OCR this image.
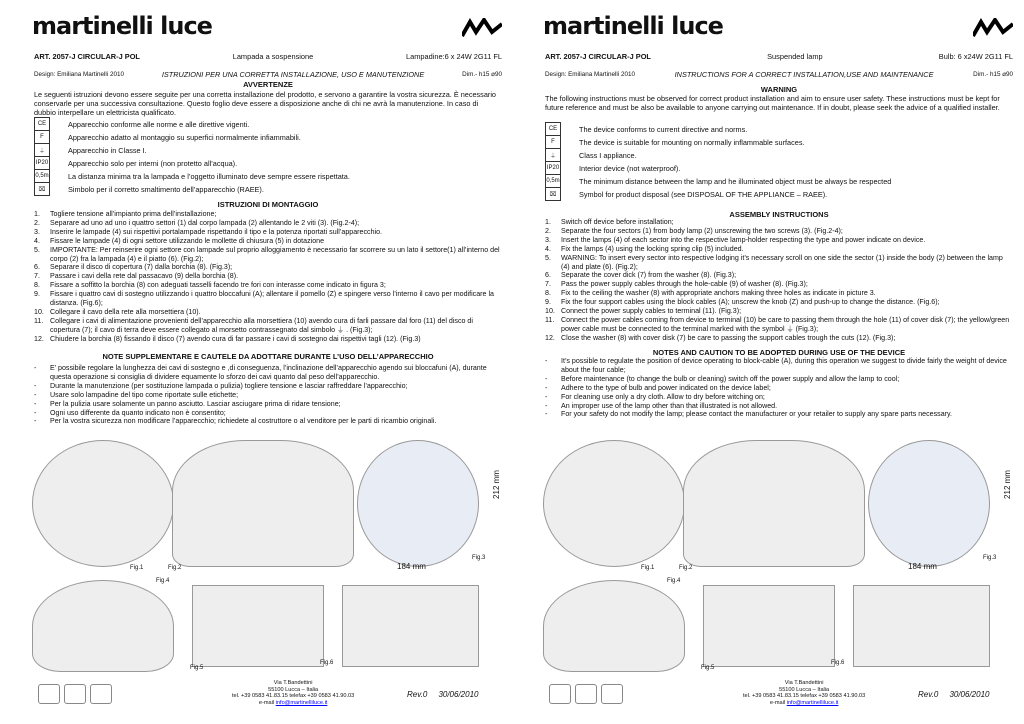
martinelli luce
ART. 2057-J CIRCULAR-J POL	Lampada a sospensione	Lampadine:6 x 24W 2G11 FL
Design: Emiliana Martinelli 2010	ISTRUZIONI PER UNA CORRETTA INSTALLAZIONE, USO E MANUTENZIONE	Dim.- h15 ⌀90
AVVERTENZE
Le seguenti istruzioni devono essere seguite per una corretta installazione del prodotto, e servono a garantire la vostra sicurezza. È necessario conservarle per una successiva consultazione. Questo foglio deve essere a disposizione anche di chi ne avrà la manutenzione. In caso di dubbio interpellare un elettricista qualificato.
CE	Apparecchio conforme alle norme e alle direttive vigenti.
F	Apparecchio adatto al montaggio su superfici normalmente infiammabili.
⏚	Apparecchio in Classe I.
IP20	Apparecchio solo per interni (non protetto all’acqua).
0,5m	La distanza minima tra la lampada e l’oggetto illuminato deve sempre essere rispettata.
⌧	Simbolo per il corretto smaltimento dell’apparecchio (RAEE).
ISTRUZIONI DI MONTAGGIO
1.	Togliere tensione all’impianto prima dell’installazione;
2.	Separare ad uno ad uno i quattro settori (1) dal corpo lampada (2) allentando le 2 viti (3). (Fig.2-4);
3.	Inserire le lampade (4) sui rispettivi portalampade rispettando il tipo e la potenza riportati sull’apparecchio.
4.	Fissare le lampade (4) di ogni settore utilizzando le mollette di chiusura (5) in dotazione
5.	IMPORTANTE: Per reinserire ogni settore con lampade sul proprio alloggiamento è necessario far scorrere su un lato il settore(1) all’interno del corpo (2) fra la lampada (4) e il piatto (6). (Fig.2);
6.	Separare il disco di copertura (7) dalla borchia (8). (Fig.3);
7.	Passare i cavi della rete dal passacavo (9) della borchia (8).
8.	Fissare a soffitto la borchia (8) con adeguati tasselli facendo tre fori con interasse come indicato in figura 3;
9.	Fissare i quattro cavi di sostegno utilizzando i quattro bloccafuni (A); allentare il pomello (Z) e spingere verso l’interno il cavo per modificare la distanza. (Fig.6);
10. Collegare il cavo della rete alla morsettiera (10).
11. Collegare i cavi di alimentazione provenienti dell’apparecchio alla morsettiera (10) avendo cura di farli passare dal foro (11) del disco di copertura (7); il cavo di terra deve essere collegato al morsetto contrassegnato dal simbolo ⏚ . (Fig.3);
12. Chiudere la borchia (8) fissando il disco (7) avendo cura di far passare i cavi di sostegno dai rispettivi tagli (12). (Fig.3)
NOTE SUPPLEMENTARE E CAUTELE DA ADOTTARE DURANTE L’USO DELL’APPARECCHIO
-	E’ possibile regolare la lunghezza dei cavi di sostegno e ,di conseguenza, l’inclinazione dell’apparecchio agendo sui bloccafuni (A), durante questa operazione si consiglia di dividere equamente lo sforzo dei cavi quanto dal peso dell’apparecchio.
-	Durante la manutenzione (per sostituzione lampada o pulizia) togliere tensione e lasciar raffreddare l’apparecchio;
-	Usare solo lampadine del tipo come riportate sulle etichette;
-	Per la pulizia usare solamente un panno asciutto. Lasciar asciugare prima di ridare tensione;
-	Ogni uso differente da quanto indicato non è consentito;
-	Per la vostra sicurezza non modificare l’apparecchio; richiedete al costruttore o al venditore per le parti di ricambio originali.
Fig.1	Fig.2
Fig.3
184 mm
212 mm
Fig.4
Fig.5
Fig.6
Via T.Bandettini
55100 Lucca – Italia
tel. +39 0583 41.83.15 telefax +39 0583 41.90.03
e-mail info@martinelliluce.it
Rev.0 30/06/2010
martinelli luce
ART. 2057-J CIRCULAR-J POL	Suspended lamp	Bulb: 6 x24W 2G11 FL
Design: Emiliana Martinelli 2010	INSTRUCTIONS FOR A CORRECT INSTALLATION,USE AND MAINTENANCE	Dim.- h15 ⌀90
WARNING
The following instructions must be observed for correct product installation and aim to ensure user safety. These instructions must be kept for future reference and must be also be available to anyone carrying out maintenance. If in doubt, please seek the advice of a qualified installer.
CE	The device conforms to current directive and norms.
F	The device is suitable for mounting on normally inflammable surfaces.
⏚	Class I appliance.
IP20	Interior device (not waterproof).
0,5m	The minimum distance between the lamp and he illuminated object must be always be respected
⌧	Symbol for product disposal (see DISPOSAL OF THE APPLIANCE – RAEE).
ASSEMBLY INSTRUCTIONS
1.	Switch off device before installation;
2.	Separate the four sectors (1) from body lamp (2) unscrewing the two screws (3). (Fig.2-4);
3.	Insert the lamps (4) of each sector into the respective lamp-holder respecting the type and power indicate on device.
4.	Fix the lamps (4) using the locking spring clip (5) included.
5.	WARNING: To insert every sector into respective lodging it’s necessary scroll on one side the sector (1) inside the body (2) between the lamp (4) and plate (6). (Fig.2);
6.	Separate the cover dick (7) from the washer (8). (Fig.3);
7.	Pass the power supply cables through the hole-cable (9) of washer (8). (Fig.3);
8.	Fix to the ceiling the washer (8) with appropriate anchors making three holes as indicate in picture 3.
9.	Fix the four support cables using the block cables (A); unscrew the knob (Z) and push-up to change the distance. (Fig.6);
10. Connect the power supply cables to terminal (11). (Fig.3);
11. Connect the power cables coming from device to terminal (10) be care to passing them through the hole (11) of cover disk (7); the yellow/green power cable must be connected to the terminal marked with the symbol ⏚ (Fig.3);
12. Close the washer (8) with cover disk (7) be care to passing the support cables trough the cuts (12). (Fig.3);
NOTES AND CAUTION TO BE ADOPTED DURING USE OF THE DEVICE
-	It’s possible to regulate the position of device operating to block-cable (A), during this operation we suggest to divide fairly the weight of device about the four cable;
-	Before maintenance (to change the bulb or cleaning) switch off the power supply and allow the lamp to cool;
-	Adhere to the type of bulb and power indicated on the device label;
-	For cleaning use only a dry cloth. Allow to dry before witching on;
-	An improper use of the lamp other than that illustrated is not allowed.
-	For your safety do not modify the lamp; please contact the manufacturer or your retailer to supply any spare parts necessary.
Fig.1	Fig.2
Fig.3
184 mm
212 mm
Fig.4
Fig.5
Fig.6
Via T.Bandettini
55100 Lucca – Italia
tel. +39 0583 41.83.15 telefax +39 0583 41.90.03
e-mail info@martinelliluce.it
Rev.0 30/06/2010
